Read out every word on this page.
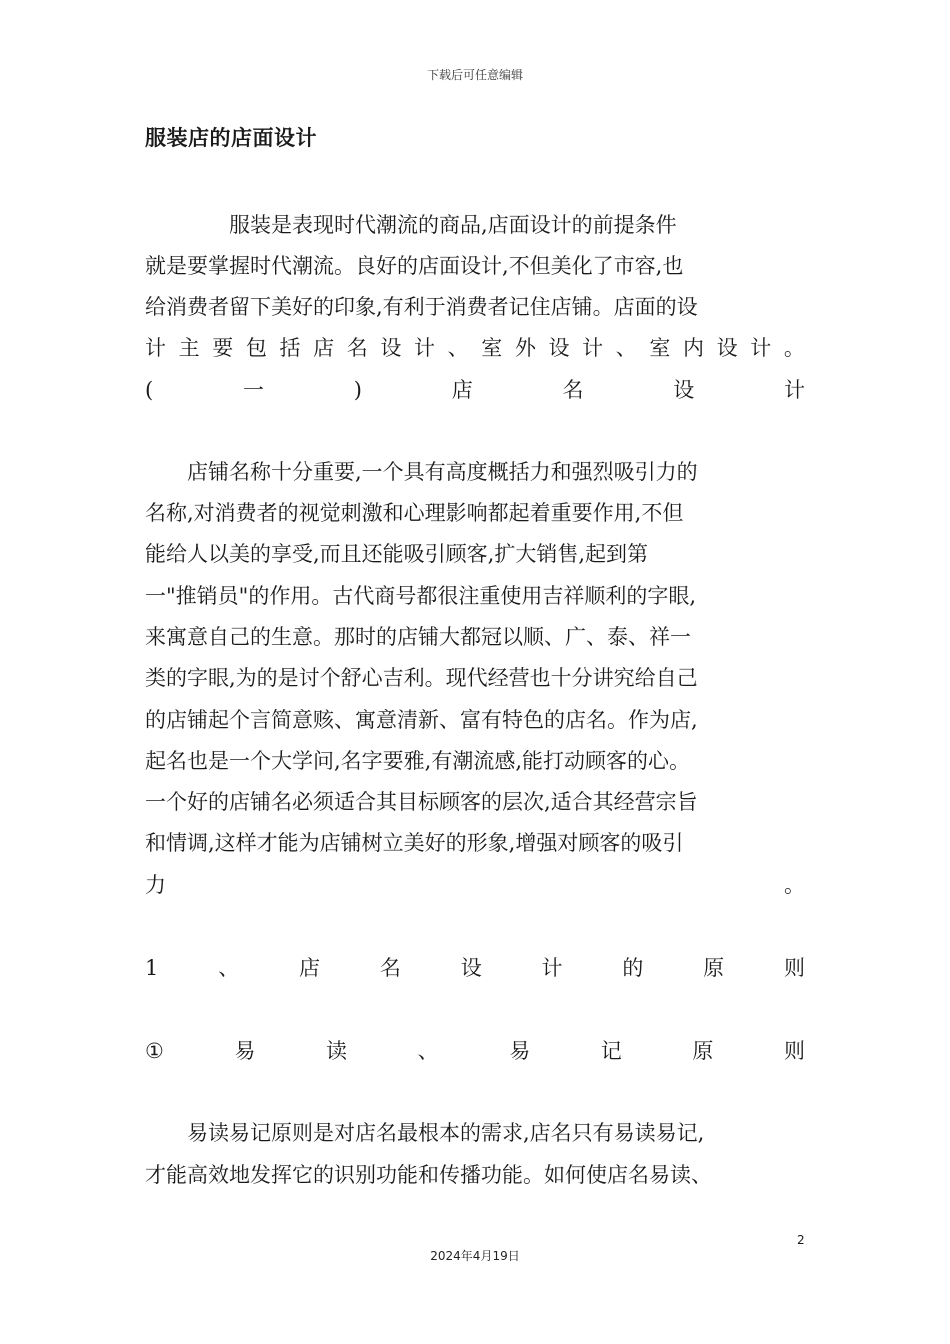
下载后可任意编辑
服装店的店面设计
　　　　服装是表现时代潮流的商品,店面设计的前提条件
就是要掌握时代潮流。良好的店面设计,不但美化了市容,也
给消费者留下美好的印象,有利于消费者记住店铺。店面的设
计 主 要 包 括 店 名 设 计 、 室 外 设 计 、 室 内 设 计 。
(	一	)	店	名	设	计
　　店铺名称十分重要,一个具有高度概括力和强烈吸引力的
名称,对消费者的视觉刺激和心理影响都起着重要作用,不但
能给人以美的享受,而且还能吸引顾客,扩大销售,起到第
一"推销员"的作用。古代商号都很注重使用吉祥顺利的字眼,
来寓意自己的生意。那时的店铺大都冠以顺、广、泰、祥一
类的字眼,为的是讨个舒心吉利。现代经营也十分讲究给自己
的店铺起个言简意赅、寓意清新、富有特色的店名。作为店,
起名也是一个大学问,名字要雅,有潮流感,能打动顾客的心。
一个好的店铺名必须适合其目标顾客的层次,适合其经营宗旨
和情调,这样才能为店铺树立美好的形象,增强对顾客的吸引
力	。
1	、	店	名	设	计	的	原	则
①	易	读	、	易	记	原	则
　　易读易记原则是对店名最根本的需求,店名只有易读易记,
才能高效地发挥它的识别功能和传播功能。如何使店名易读、
2
2024年4月19日
